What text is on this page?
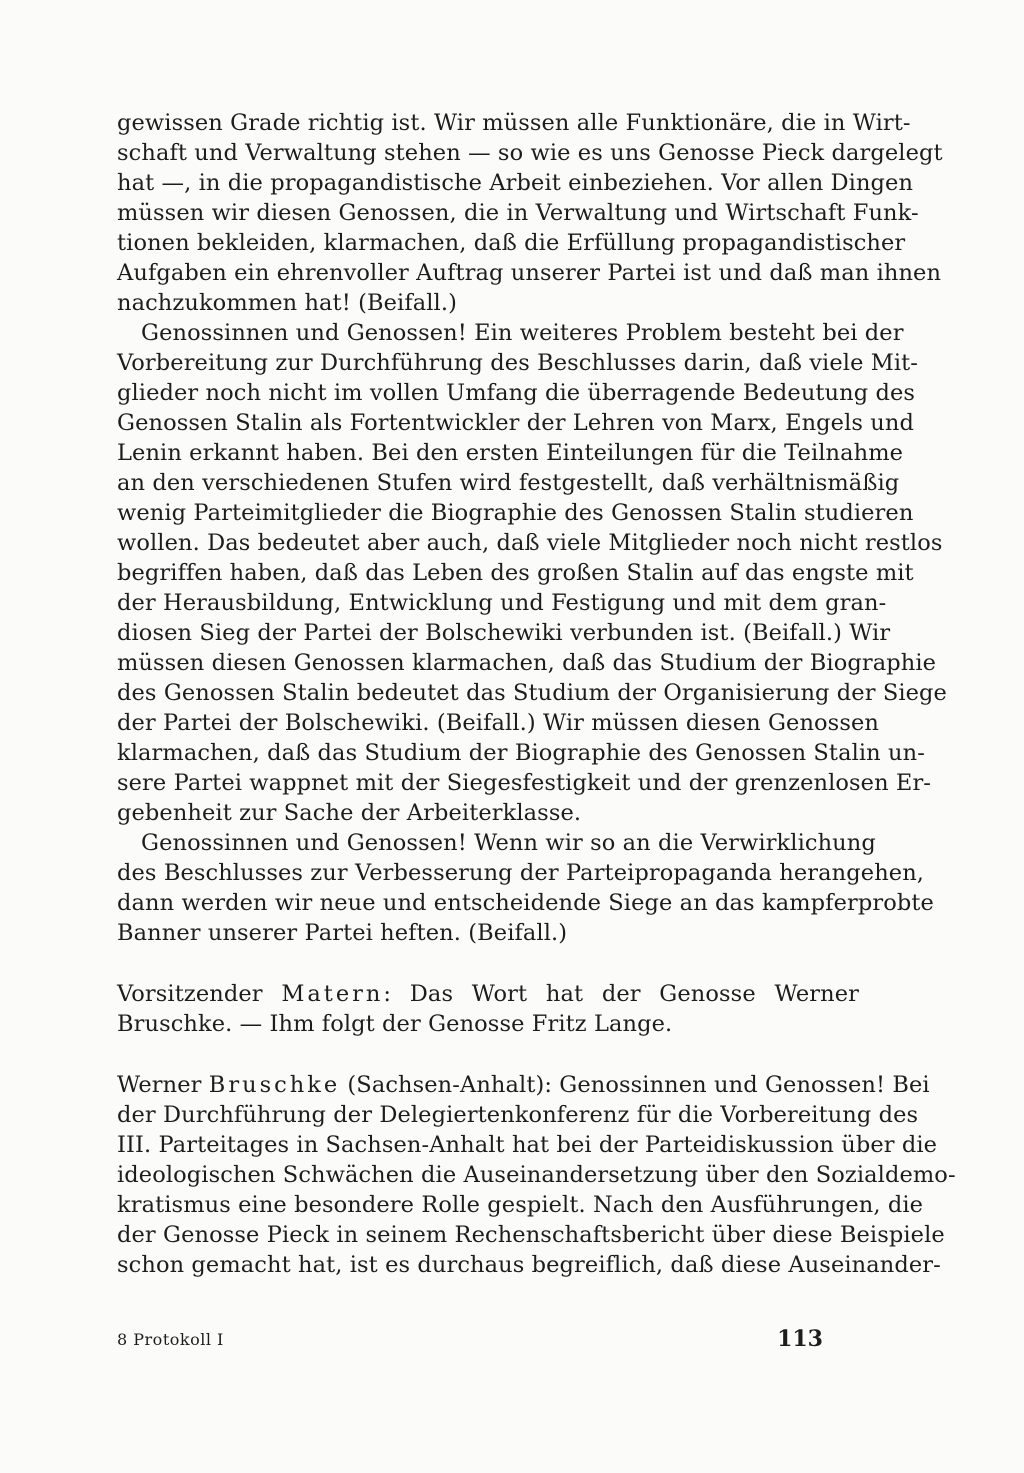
gewissen Grade richtig ist. Wir müssen alle Funktionäre, die in Wirt-
schaft und Verwaltung stehen — so wie es uns Genosse Pieck dargelegt
hat —, in die propagandistische Arbeit einbeziehen. Vor allen Dingen
müssen wir diesen Genossen, die in Verwaltung und Wirtschaft Funk-
tionen bekleiden, klarmachen, daß die Erfüllung propagandistischer
Aufgaben ein ehrenvoller Auftrag unserer Partei ist und daß man ihnen
nachzukommen hat! (Beifall.)
Genossinnen und Genossen! Ein weiteres Problem besteht bei der
Vorbereitung zur Durchführung des Beschlusses darin, daß viele Mit-
glieder noch nicht im vollen Umfang die überragende Bedeutung des
Genossen Stalin als Fortentwickler der Lehren von Marx, Engels und
Lenin erkannt haben. Bei den ersten Einteilungen für die Teilnahme
an den verschiedenen Stufen wird festgestellt, daß verhältnismäßig
wenig Parteimitglieder die Biographie des Genossen Stalin studieren
wollen. Das bedeutet aber auch, daß viele Mitglieder noch nicht restlos
begriffen haben, daß das Leben des großen Stalin auf das engste mit
der Herausbildung, Entwicklung und Festigung und mit dem gran-
diosen Sieg der Partei der Bolschewiki verbunden ist. (Beifall.) Wir
müssen diesen Genossen klarmachen, daß das Studium der Biographie
des Genossen Stalin bedeutet das Studium der Organisierung der Siege
der Partei der Bolschewiki. (Beifall.) Wir müssen diesen Genossen
klarmachen, daß das Studium der Biographie des Genossen Stalin un-
sere Partei wappnet mit der Siegesfestigkeit und der grenzenlosen Er-
gebenheit zur Sache der Arbeiterklasse.
Genossinnen und Genossen! Wenn wir so an die Verwirklichung
des Beschlusses zur Verbesserung der Parteipropaganda herangehen,
dann werden wir neue und entscheidende Siege an das kampferprobte
Banner unserer Partei heften. (Beifall.)
Vorsitzender Matern: Das Wort hat der Genosse Werner
Bruschke. — Ihm folgt der Genosse Fritz Lange.
Werner Bruschke (Sachsen-Anhalt): Genossinnen und Genossen! Bei
der Durchführung der Delegiertenkonferenz für die Vorbereitung des
III. Parteitages in Sachsen-Anhalt hat bei der Parteidiskussion über die
ideologischen Schwächen die Auseinandersetzung über den Sozialdemo-
kratismus eine besondere Rolle gespielt. Nach den Ausführungen, die
der Genosse Pieck in seinem Rechenschaftsbericht über diese Beispiele
schon gemacht hat, ist es durchaus begreiflich, daß diese Auseinander-
8 Protokoll I	113
